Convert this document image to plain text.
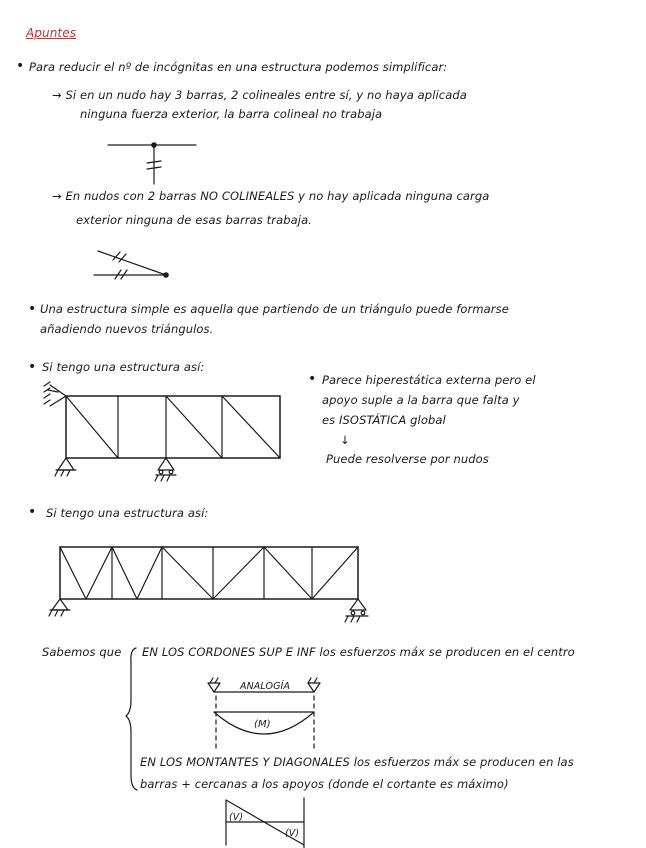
Apuntes
• Para reducir el nº de incógnitas en una estructura podemos simplificar:
→ Si en un nudo hay 3 barras, 2 colineales entre sí, y no haya aplicada
ninguna fuerza exterior, la barra colineal no trabaja
→ En nudos con 2 barras NO COLINEALES y no hay aplicada ninguna carga
exterior ninguna de esas barras trabaja.
• Una estructura simple es aquella que partiendo de un triángulo puede formarse
añadiendo nuevos triángulos.
• Si tengo una estructura así:
• Parece hiperestática externa pero el
apoyo suple a la barra que falta y
es ISOSTÁTICA global
↓
Puede resolverse por nudos
• Si tengo una estructura así:
Sabemos que EN LOS CORDONES SUP E INF los esfuerzos máx se producen en el centro
ANALOGÍA
(M)
EN LOS MONTANTES Y DIAGONALES los esfuerzos máx se producen en las
barras + cercanas a los apoyos (donde el cortante es máximo)
(V)
(V)
